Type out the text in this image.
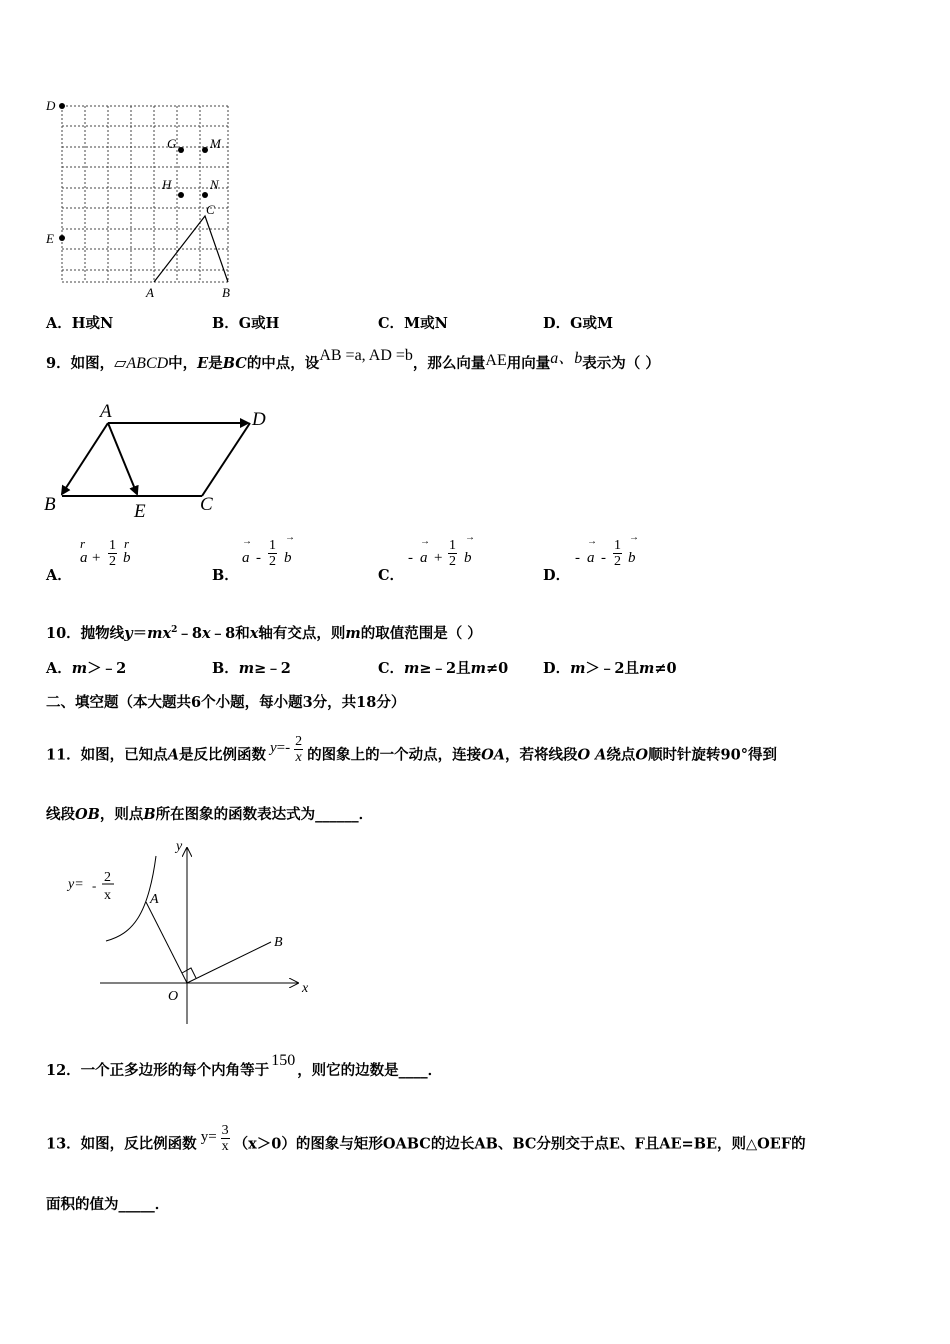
D
G	M
H	N
C
E
A	B
A．H或N	B．G或H	C．M或N	D．G或M
9．如图，▱ABCD中，E是BC的中点，设AB =a, AD =b，那么向量AE用向量a、b表示为（ ）
A	D
B	E	C
A．
r
$a + \frac{1}{2}$ r
b
B．
→
a - $\frac{1}{2}$
→
b
C．
-
→
$a + \frac{1}{2}$
→
b
D．
-
→
a - $\frac{1}{2}$
→
b
10．抛物线$y=mx^2﹣8x﹣8$和x轴有交点，则m的取值范围是（ ）
A．m＞﹣2	B．m≥﹣2	C．m≥﹣2且m≠0 D．m＞﹣2且m≠0
二、填空题（本大题共6个小题，每小题3分，共18分）
11．如图，已知点A是反比例函数 $y=- \frac{2}{x}$ 的图象上的一个动点，连接OA，若将线段O A绕点O顺时针旋转90°得到
线段OB，则点B所在图象的函数表达式为______．
y= -
2
x
y
A
B
O
x
12．一个正多边形的每个内角等于150，则它的边数是____．
13．如图，反比例函数 $y= \frac{3}{x} (x>0)$的图象与矩形OABC的边长AB、BC分别交于点E、F且AE=BE，则△OEF的
面积的值为_____．
